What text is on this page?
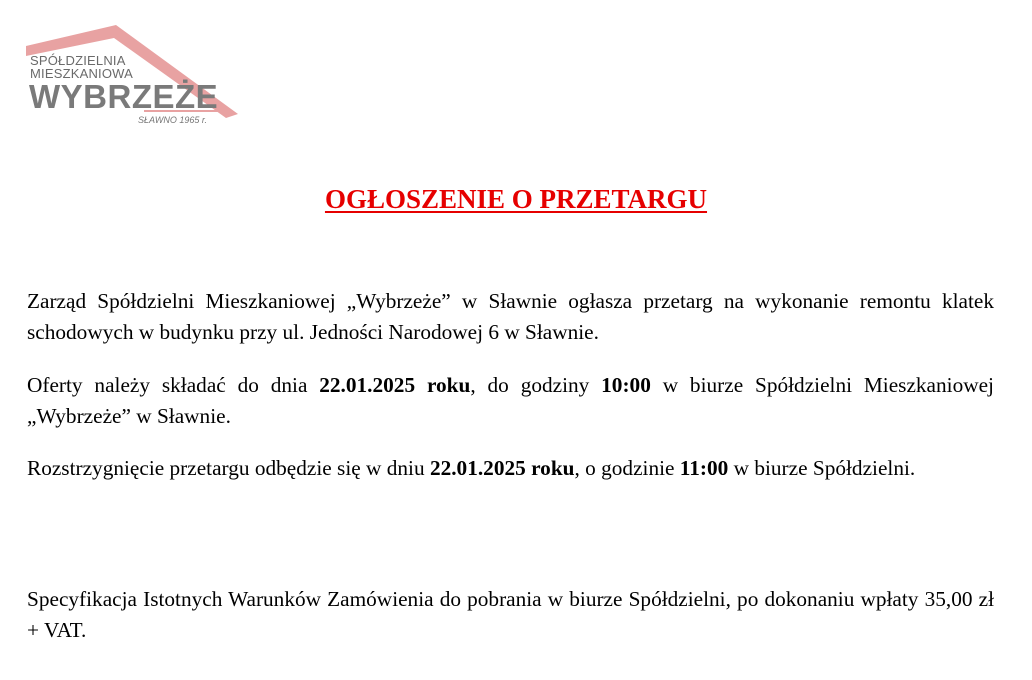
SPÓŁDZIELNIA
MIESZKANIOWA
WYBRZEŻE
SŁAWNO 1965 r.
OGŁOSZENIE O PRZETARGU

Zarząd Spółdzielni Mieszkaniowej „Wybrzeże” w Sławnie ogłasza przetarg na wykonanie remontu klatek schodowych w budynku przy ul. Jedności Narodowej 6 w Sławnie.

Oferty należy składać do dnia 22.01.2025 roku, do godziny 10:00 w biurze Spółdzielni Mieszkaniowej „Wybrzeże” w Sławnie.

Rozstrzygnięcie przetargu odbędzie się w dniu 22.01.2025 roku, o godzinie 11:00 w biurze Spółdzielni.

Specyfikacja Istotnych Warunków Zamówienia do pobrania w biurze Spółdzielni, po dokonaniu wpłaty 35,00 zł + VAT.
